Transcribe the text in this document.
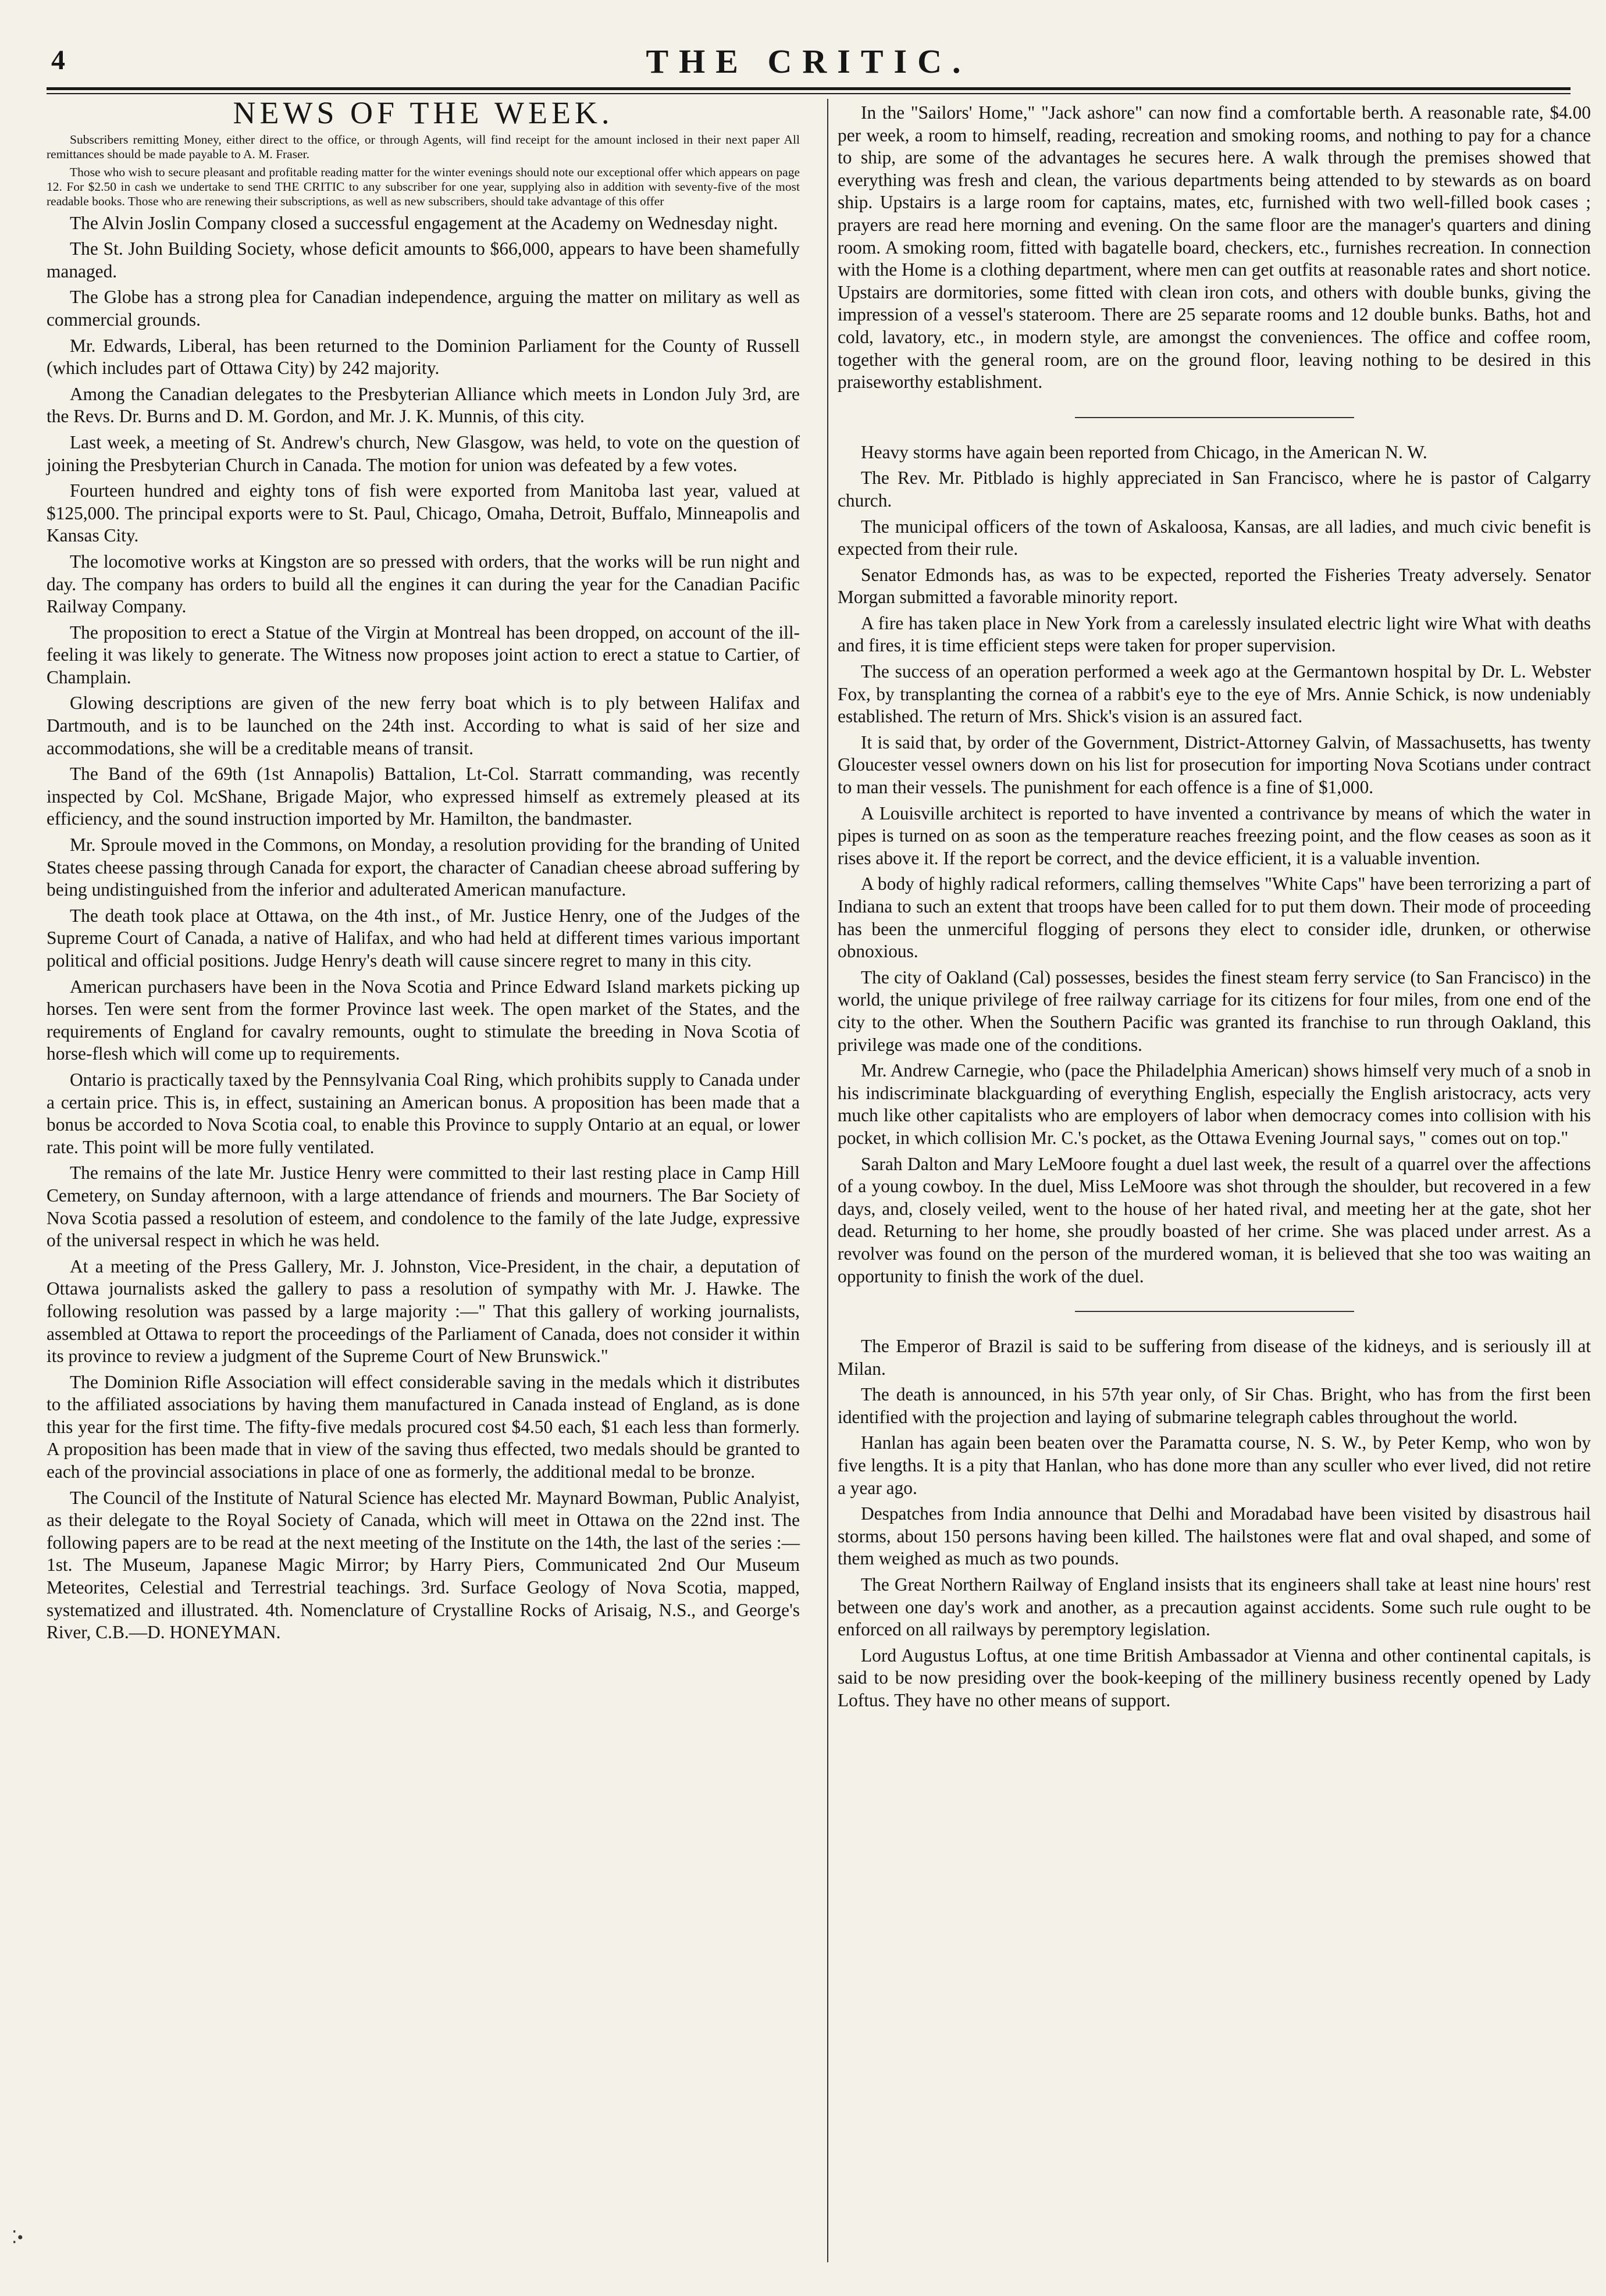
4	THE CRITIC.
NEWS OF THE WEEK.

Subscribers remitting Money, either direct to the office, or through Agents, will find receipt for the amount inclosed in their next paper All remittances should be made payable to A. M. Fraser.

Those who wish to secure pleasant and profitable reading matter for the winter evenings should note our exceptional offer which appears on page 12. For $2.50 in cash we undertake to send THE CRITIC to any subscriber for one year, supplying also in addition with seventy-five of the most readable books. Those who are renewing their subscriptions, as well as new subscribers, should take advantage of this offer

The Alvin Joslin Company closed a successful engagement at the Academy on Wednesday night.

The St. John Building Society, whose deficit amounts to $66,000, appears to have been shamefully managed.

The Globe has a strong plea for Canadian independence, arguing the matter on military as well as commercial grounds.

Mr. Edwards, Liberal, has been returned to the Dominion Parliament for the County of Russell (which includes part of Ottawa City) by 242 majority.

Among the Canadian delegates to the Presbyterian Alliance which meets in London July 3rd, are the Revs. Dr. Burns and D. M. Gordon, and Mr. J. K. Munnis, of this city.

Last week, a meeting of St. Andrew's church, New Glasgow, was held, to vote on the question of joining the Presbyterian Church in Canada. The motion for union was defeated by a few votes.

Fourteen hundred and eighty tons of fish were exported from Manitoba last year, valued at $125,000. The principal exports were to St. Paul, Chicago, Omaha, Detroit, Buffalo, Minneapolis and Kansas City.

The locomotive works at Kingston are so pressed with orders, that the works will be run night and day. The company has orders to build all the engines it can during the year for the Canadian Pacific Railway Company.

The proposition to erect a Statue of the Virgin at Montreal has been dropped, on account of the ill-feeling it was likely to generate. The Witness now proposes joint action to erect a statue to Cartier, of Champlain.

Glowing descriptions are given of the new ferry boat which is to ply between Halifax and Dartmouth, and is to be launched on the 24th inst. According to what is said of her size and accommodations, she will be a creditable means of transit.

The Band of the 69th (1st Annapolis) Battalion, Lt-Col. Starratt commanding, was recently inspected by Col. McShane, Brigade Major, who expressed himself as extremely pleased at its efficiency, and the sound instruction imported by Mr. Hamilton, the bandmaster.

Mr. Sproule moved in the Commons, on Monday, a resolution providing for the branding of United States cheese passing through Canada for export, the character of Canadian cheese abroad suffering by being undistinguished from the inferior and adulterated American manufacture.

The death took place at Ottawa, on the 4th inst., of Mr. Justice Henry, one of the Judges of the Supreme Court of Canada, a native of Halifax, and who had held at different times various important political and official positions. Judge Henry's death will cause sincere regret to many in this city.

American purchasers have been in the Nova Scotia and Prince Edward Island markets picking up horses. Ten were sent from the former Province last week. The open market of the States, and the requirements of England for cavalry remounts, ought to stimulate the breeding in Nova Scotia of horse-flesh which will come up to requirements.

Ontario is practically taxed by the Pennsylvania Coal Ring, which prohibits supply to Canada under a certain price. This is, in effect, sustaining an American bonus. A proposition has been made that a bonus be accorded to Nova Scotia coal, to enable this Province to supply Ontario at an equal, or lower rate. This point will be more fully ventilated.

The remains of the late Mr. Justice Henry were committed to their last resting place in Camp Hill Cemetery, on Sunday afternoon, with a large attendance of friends and mourners. The Bar Society of Nova Scotia passed a resolution of esteem, and condolence to the family of the late Judge, expressive of the universal respect in which he was held.

At a meeting of the Press Gallery, Mr. J. Johnston, Vice-President, in the chair, a deputation of Ottawa journalists asked the gallery to pass a resolution of sympathy with Mr. J. Hawke. The following resolution was passed by a large majority :—" That this gallery of working journalists, assembled at Ottawa to report the proceedings of the Parliament of Canada, does not consider it within its province to review a judgment of the Supreme Court of New Brunswick."

The Dominion Rifle Association will effect considerable saving in the medals which it distributes to the affiliated associations by having them manufactured in Canada instead of England, as is done this year for the first time. The fifty-five medals procured cost $4.50 each, $1 each less than formerly. A proposition has been made that in view of the saving thus effected, two medals should be granted to each of the provincial associations in place of one as formerly, the additional medal to be bronze.

The Council of the Institute of Natural Science has elected Mr. Maynard Bowman, Public Analyist, as their delegate to the Royal Society of Canada, which will meet in Ottawa on the 22nd inst. The following papers are to be read at the next meeting of the Institute on the 14th, the last of the series :—1st. The Museum, Japanese Magic Mirror; by Harry Piers, Communicated 2nd Our Museum Meteorites, Celestial and Terrestrial teachings. 3rd. Surface Geology of Nova Scotia, mapped, systematized and illustrated. 4th. Nomenclature of Crystalline Rocks of Arisaig, N.S., and George's River, C.B.—D. HONEYMAN.

In the "Sailors' Home," "Jack ashore" can now find a comfortable berth. A reasonable rate, $4.00 per week, a room to himself, reading, recreation and smoking rooms, and nothing to pay for a chance to ship, are some of the advantages he secures here. A walk through the premises showed that everything was fresh and clean, the various departments being attended to by stewards as on board ship. Upstairs is a large room for captains, mates, etc, furnished with two well-filled book cases ; prayers are read here morning and evening. On the same floor are the manager's quarters and dining room. A smoking room, fitted with bagatelle board, checkers, etc., furnishes recreation. In connection with the Home is a clothing department, where men can get outfits at reasonable rates and short notice. Upstairs are dormitories, some fitted with clean iron cots, and others with double bunks, giving the impression of a vessel's stateroom. There are 25 separate rooms and 12 double bunks. Baths, hot and cold, lavatory, etc., in modern style, are amongst the conveniences. The office and coffee room, together with the general room, are on the ground floor, leaving nothing to be desired in this praiseworthy establishment.

Heavy storms have again been reported from Chicago, in the American N. W.

The Rev. Mr. Pitblado is highly appreciated in San Francisco, where he is pastor of Calgarry church.

The municipal officers of the town of Askaloosa, Kansas, are all ladies, and much civic benefit is expected from their rule.

Senator Edmonds has, as was to be expected, reported the Fisheries Treaty adversely. Senator Morgan submitted a favorable minority report.

A fire has taken place in New York from a carelessly insulated electric light wire What with deaths and fires, it is time efficient steps were taken for proper supervision.

The success of an operation performed a week ago at the Germantown hospital by Dr. L. Webster Fox, by transplanting the cornea of a rabbit's eye to the eye of Mrs. Annie Schick, is now undeniably established. The return of Mrs. Shick's vision is an assured fact.

It is said that, by order of the Government, District-Attorney Galvin, of Massachusetts, has twenty Gloucester vessel owners down on his list for prosecution for importing Nova Scotians under contract to man their vessels. The punishment for each offence is a fine of $1,000.

A Louisville architect is reported to have invented a contrivance by means of which the water in pipes is turned on as soon as the temperature reaches freezing point, and the flow ceases as soon as it rises above it. If the report be correct, and the device efficient, it is a valuable invention.

A body of highly radical reformers, calling themselves "White Caps" have been terrorizing a part of Indiana to such an extent that troops have been called for to put them down. Their mode of proceeding has been the unmerciful flogging of persons they elect to consider idle, drunken, or otherwise obnoxious.

The city of Oakland (Cal) possesses, besides the finest steam ferry service (to San Francisco) in the world, the unique privilege of free railway carriage for its citizens for four miles, from one end of the city to the other. When the Southern Pacific was granted its franchise to run through Oakland, this privilege was made one of the conditions.

Mr. Andrew Carnegie, who (pace the Philadelphia American) shows himself very much of a snob in his indiscriminate blackguarding of everything English, especially the English aristocracy, acts very much like other capitalists who are employers of labor when democracy comes into collision with his pocket, in which collision Mr. C.'s pocket, as the Ottawa Evening Journal says, " comes out on top."

Sarah Dalton and Mary LeMoore fought a duel last week, the result of a quarrel over the affections of a young cowboy. In the duel, Miss LeMoore was shot through the shoulder, but recovered in a few days, and, closely veiled, went to the house of her hated rival, and meeting her at the gate, shot her dead. Returning to her home, she proudly boasted of her crime. She was placed under arrest. As a revolver was found on the person of the murdered woman, it is believed that she too was waiting an opportunity to finish the work of the duel.

The Emperor of Brazil is said to be suffering from disease of the kidneys, and is seriously ill at Milan.

The death is announced, in his 57th year only, of Sir Chas. Bright, who has from the first been identified with the projection and laying of submarine telegraph cables throughout the world.

Hanlan has again been beaten over the Paramatta course, N. S. W., by Peter Kemp, who won by five lengths. It is a pity that Hanlan, who has done more than any sculler who ever lived, did not retire a year ago.

Despatches from India announce that Delhi and Moradabad have been visited by disastrous hail storms, about 150 persons having been killed. The hailstones were flat and oval shaped, and some of them weighed as much as two pounds.

The Great Northern Railway of England insists that its engineers shall take at least nine hours' rest between one day's work and another, as a precaution against accidents. Some such rule ought to be enforced on all railways by peremptory legislation.

Lord Augustus Loftus, at one time British Ambassador at Vienna and other continental capitals, is said to be now presiding over the book-keeping of the millinery business recently opened by Lady Loftus. They have no other means of support.

⁚•
